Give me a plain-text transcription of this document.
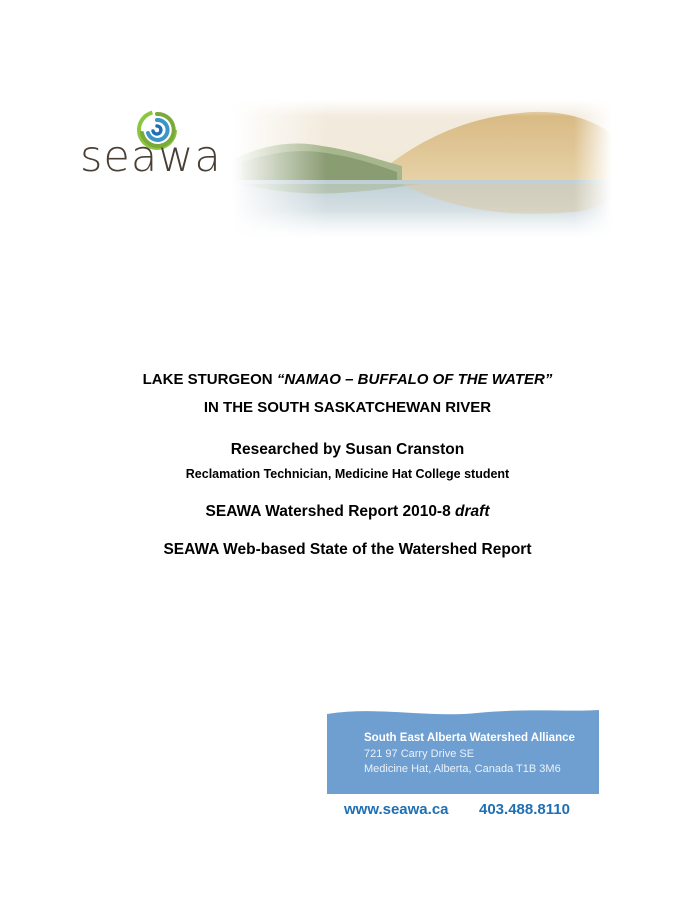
seawa

LAKE STURGEON “NAMAO – BUFFALO OF THE WATER”

IN THE SOUTH SASKATCHEWAN RIVER

Researched by Susan Cranston

Reclamation Technician, Medicine Hat College student

SEAWA Watershed Report 2010-8 draft

SEAWA Web-based State of the Watershed Report

South East Alberta Watershed Alliance
721 97 Carry Drive SE
Medicine Hat, Alberta, Canada T1B 3M6
www.seawa.ca 403.488.8110
